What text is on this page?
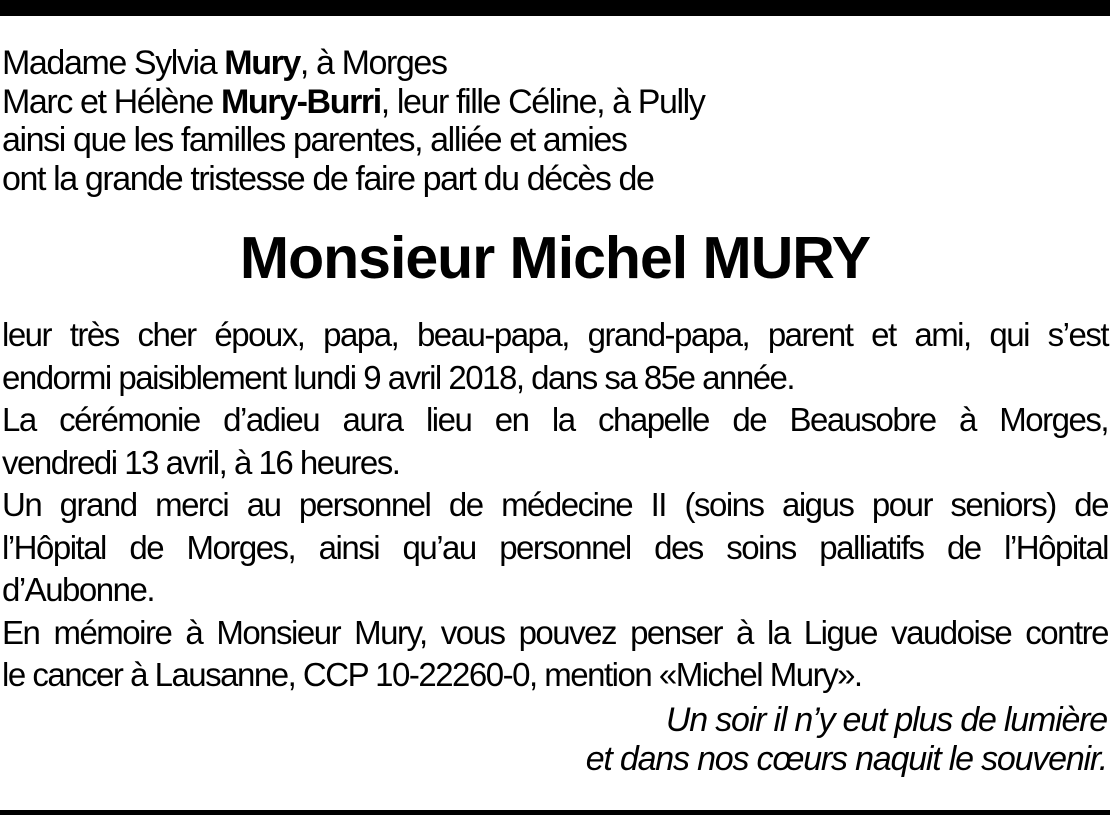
Madame Sylvia Mury, à Morges
Marc et Hélène Mury-Burri, leur fille Céline, à Pully
ainsi que les familles parentes, alliée et amies
ont la grande tristesse de faire part du décès de
Monsieur Michel MURY
leur très cher époux, papa, beau-papa, grand-papa, parent et ami, qui s’est
endormi paisiblement lundi 9 avril 2018, dans sa 85e année.
La cérémonie d’adieu aura lieu en la chapelle de Beausobre à Morges,
vendredi 13 avril, à 16 heures.
Un grand merci au personnel de médecine II (soins aigus pour seniors) de
l’Hôpital de Morges, ainsi qu’au personnel des soins palliatifs de l’Hôpital
d’Aubonne.
En mémoire à Monsieur Mury, vous pouvez penser à la Ligue vaudoise contre
le cancer à Lausanne, CCP 10-22260-0, mention «Michel Mury».
Un soir il n’y eut plus de lumière
et dans nos cœurs naquit le souvenir.
